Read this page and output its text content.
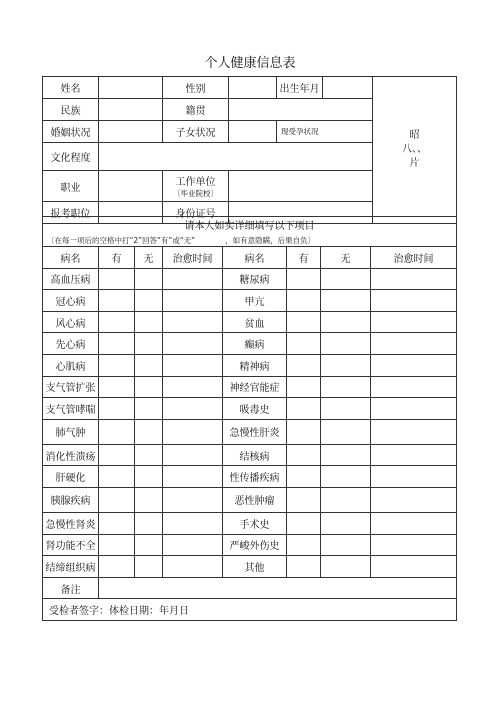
个人健康信息表
姓名		性别		出生年月		昭
八、、
片

民族		籍贯				
婚姻状况		子女状况		现受孕状况		
文化程度						
职业		工作单位
〔毕业院校〕				

报考职位		身份证号				
请本人如实详细填写以下项目
〔在每一项后的空格中打“2”回答“有”或“无”　　　　，如有意隐瞒，后果自负〕							

病名	有	无	治愈时间	病名	有	无	治愈时间
高血压病				糖尿病			
冠心病				甲亢			
风心病				贫血			
先心病				癫病			
心肌病				精神病			
支气管扩张				神经官能症			
支气管哮喘				吸毒史			
肺气肿				急慢性肝炎			
消化性溃疡				结核病			
肝硬化				性传播疾病			
胰腺疾病				恶性肿瘤			
急慢性肾炎				手术史			
肾功能不全				严峻外伤史			
结缔组织病				其他			
备注							
受检者签字：体检日期：年月日							
